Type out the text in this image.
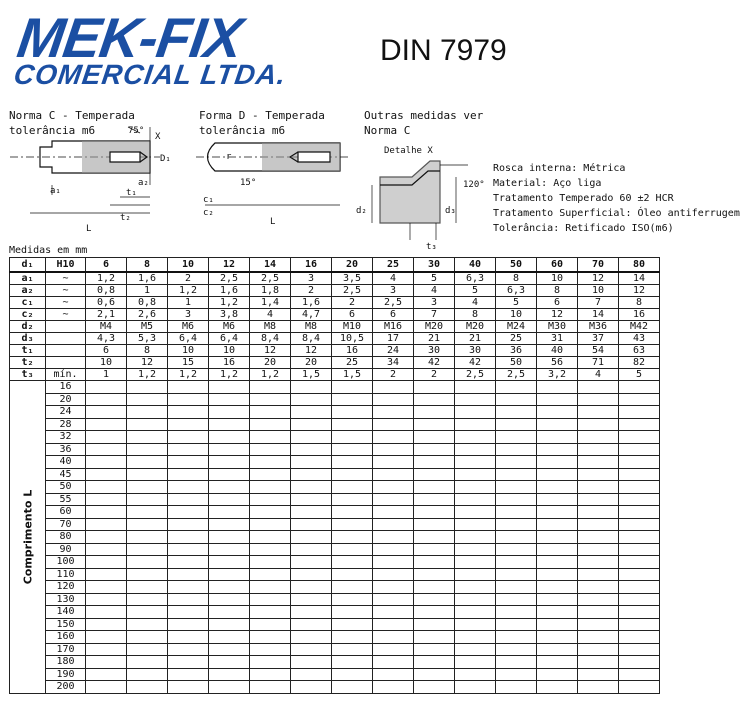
MEK-FIX
COMERCIAL LTDA.
DIN 7979
Norma C - Temperada
tolerância m6
Forma D - Temperada
tolerância m6
Outras medidas ver
Norma C
75°
X
D₁
a₁
a₂
t₁
t₂
L
r
15°
c₁
c₂
L
Detalhe X
120°
d₂	d₃
t₃
Rosca interna: Métrica
Material: Aço liga
Tratamento Temperado 60 ±2 HCR
Tratamento Superficial: Óleo antiferrugem
Tolerância: Retificado ISO(m6)
Medidas em mm
d₁	H10	6	8	10	12	14	16	20	25	30	40	50	60	70	80
a₁	~	1,2	1,6	2	2,5	2,5	3	3,5	4	5	6,3	8	10	12	14
a₂	~	0,8	1	1,2	1,6	1,8	2	2,5	3	4	5	6,3	8	10	12
c₁	~	0,6	0,8	1	1,2	1,4	1,6	2	2,5	3	4	5	6	7	8
c₂	~	2,1	2,6	3	3,8	4	4,7	6	6	7	8	10	12	14	16
d₂		M4	M5	M6	M6	M8	M8	M10	M16	M20	M20	M24	M30	M36	M42
d₃		4,3	5,3	6,4	6,4	8,4	8,4	10,5	17	21	21	25	31	37	43
t₁		6	8	10	10	12	12	16	24	30	30	36	40	54	63
t₂		10	12	15	16	20	20	25	34	42	42	50	56	71	82
t₃	mín.	1	1,2	1,2	1,2	1,2	1,5	1,5	2	2	2,5	2,5	3,2	4	5

Comprimento L	16														
	20														
	24														
	28														
	32														
	36														
	40														
	45														
	50														
	55														
	60														
	70														
	80														
	90														
	100														
	110														
	120														
	130														
	140														
	150														
	160														
	170														
	180														
	190														
	200														
